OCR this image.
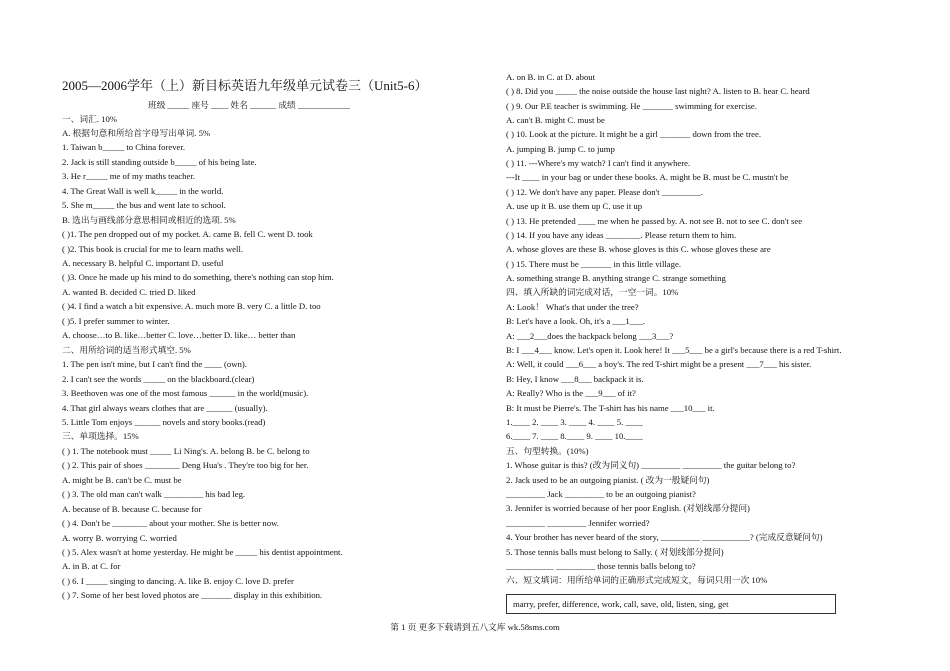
2005—2006学年（上）新目标英语九年级单元试卷三（Unit5-6）
班级 _____ 座号 ____ 姓名 ______ 成绩 ____________
一、词汇. 10%
A. 根据句意和所给首字母写出单词. 5%
1. Taiwan b_____ to China forever.
2. Jack is still standing outside b_____ of his being late.
3. He r_____ me of my maths teacher.
4. The Great Wall is well k_____ in the world.
5. She m_____ the bus and went late to school.
B. 选出与画线部分意思相同或相近的选项. 5%
( )1. The pen dropped out of my pocket. A. came B. fell C. went D. took
( )2. This book is crucial for me to learn maths well.
A. necessary B. helpful C. important D. useful
( )3. Once he made up his mind to do something, there's nothing can stop him.
A. wanted B. decided C. tried D. liked
( )4. I find a watch a bit expensive. A. much more B. very C. a little D. too
( )5. I prefer summer to winter.
A. choose…to B. like…better C. love…better D. like… better than
二、用所给词的适当形式填空. 5%
1. The pen isn't mine, but I can't find the ____ (own).
2. I can't see the words _____ on the blackboard.(clear)
3. Beethoven was one of the most famous ______ in the world(music).
4. That girl always wears clothes that are ______ (usually).
5. Little Tom enjoys ______ novels and story books.(read)
三、单项选择。15%
( ) 1. The notebook must _____ Li Ning's. A. belong B. be C. belong to
( ) 2. This pair of shoes ________ Deng Hua's . They're too big for her.
A. might be B. can't be C. must be
( ) 3. The old man can't walk _________ his bad leg.
A. because of B. because C. because for
( ) 4. Don't be ________ about your mother. She is better now.
A. worry B. worrying C. worried
( ) 5. Alex wasn't at home yesterday. He might be _____ his dentist appointment.
A. in B. at C. for
( ) 6. I _____ singing to dancing. A. like B. enjoy C. love D. prefer
( ) 7. Some of her best loved photos are _______ display in this exhibition.
A. on B. in C. at D. about
( ) 8. Did you _____ the noise outside the house last night? A. listen to B. hear C. heard
( ) 9. Our P.E teacher is swimming. He _______ swimming for exercise.
A. can't B. might C. must be
( ) 10. Look at the picture. It might be a girl _______ down from the tree.
A. jumping B. jump C. to jump
( ) 11. ---Where's my watch? I can't find it anywhere.
---It ____ in your bag or under these books. A. might be B. must be C. mustn't be
( ) 12. We don't have any paper. Please don't _________.
A. use up it B. use them up C. use it up
( ) 13. He pretended ____ me when he passed by. A. not see B. not to see C. don't see
( ) 14. If you have any ideas ________. Please return them to him.
A. whose gloves are these B. whose gloves is this C. whose gloves these are
( ) 15. There must be _______ in this little village.
A. something strange B. anything strange C. strange something
四、填入所缺的词完成对话，一空一词。10%
A: Look！ What's that under the tree?
B: Let's have a look. Oh, it's a ___1___.
A: ___2___does the backpack belong ___3___?
B: I ___4___ know. Let's open it. Look here! It ___5___ be a girl's because there is a red T-shirt.
A: Well, it could ___6___ a boy's. The red T-shirt might be a present ___7___ his sister.
B: Hey, I know ___8___ backpack it is.
A: Really? Who is the ___9___ of it?
B: It must be Pierre's. The T-shirt has his name ___10___ it.
1.____ 2. ____ 3. ____ 4. ____ 5. ____
6.____ 7. ____ 8.____ 9. ____ 10.____
五、句型转换。(10%)
1. Whose guitar is this? (改为同义句) _________ _________ the guitar belong to?
2. Jack used to be an outgoing pianist. ( 改为一般疑问句)
_________ Jack _________ to be an outgoing pianist?
3. Jennifer is worried because of her poor English. (对划线部分提问)
_________ _________ Jennifer worried?
4. Your brother has never heard of the story, _________ ___________? (完成反意疑问句)
5. Those tennis balls must belong to Sally. ( 对划线部分提问)
___________ _________ those tennis balls belong to?
六、短文填词：用所给单词的正确形式完成短文，每词只用一次 10%
marry, prefer, difference, work, call, save, old, listen, sing, get
第 1 页 更多下载请到五八文库 wk.58sms.com
